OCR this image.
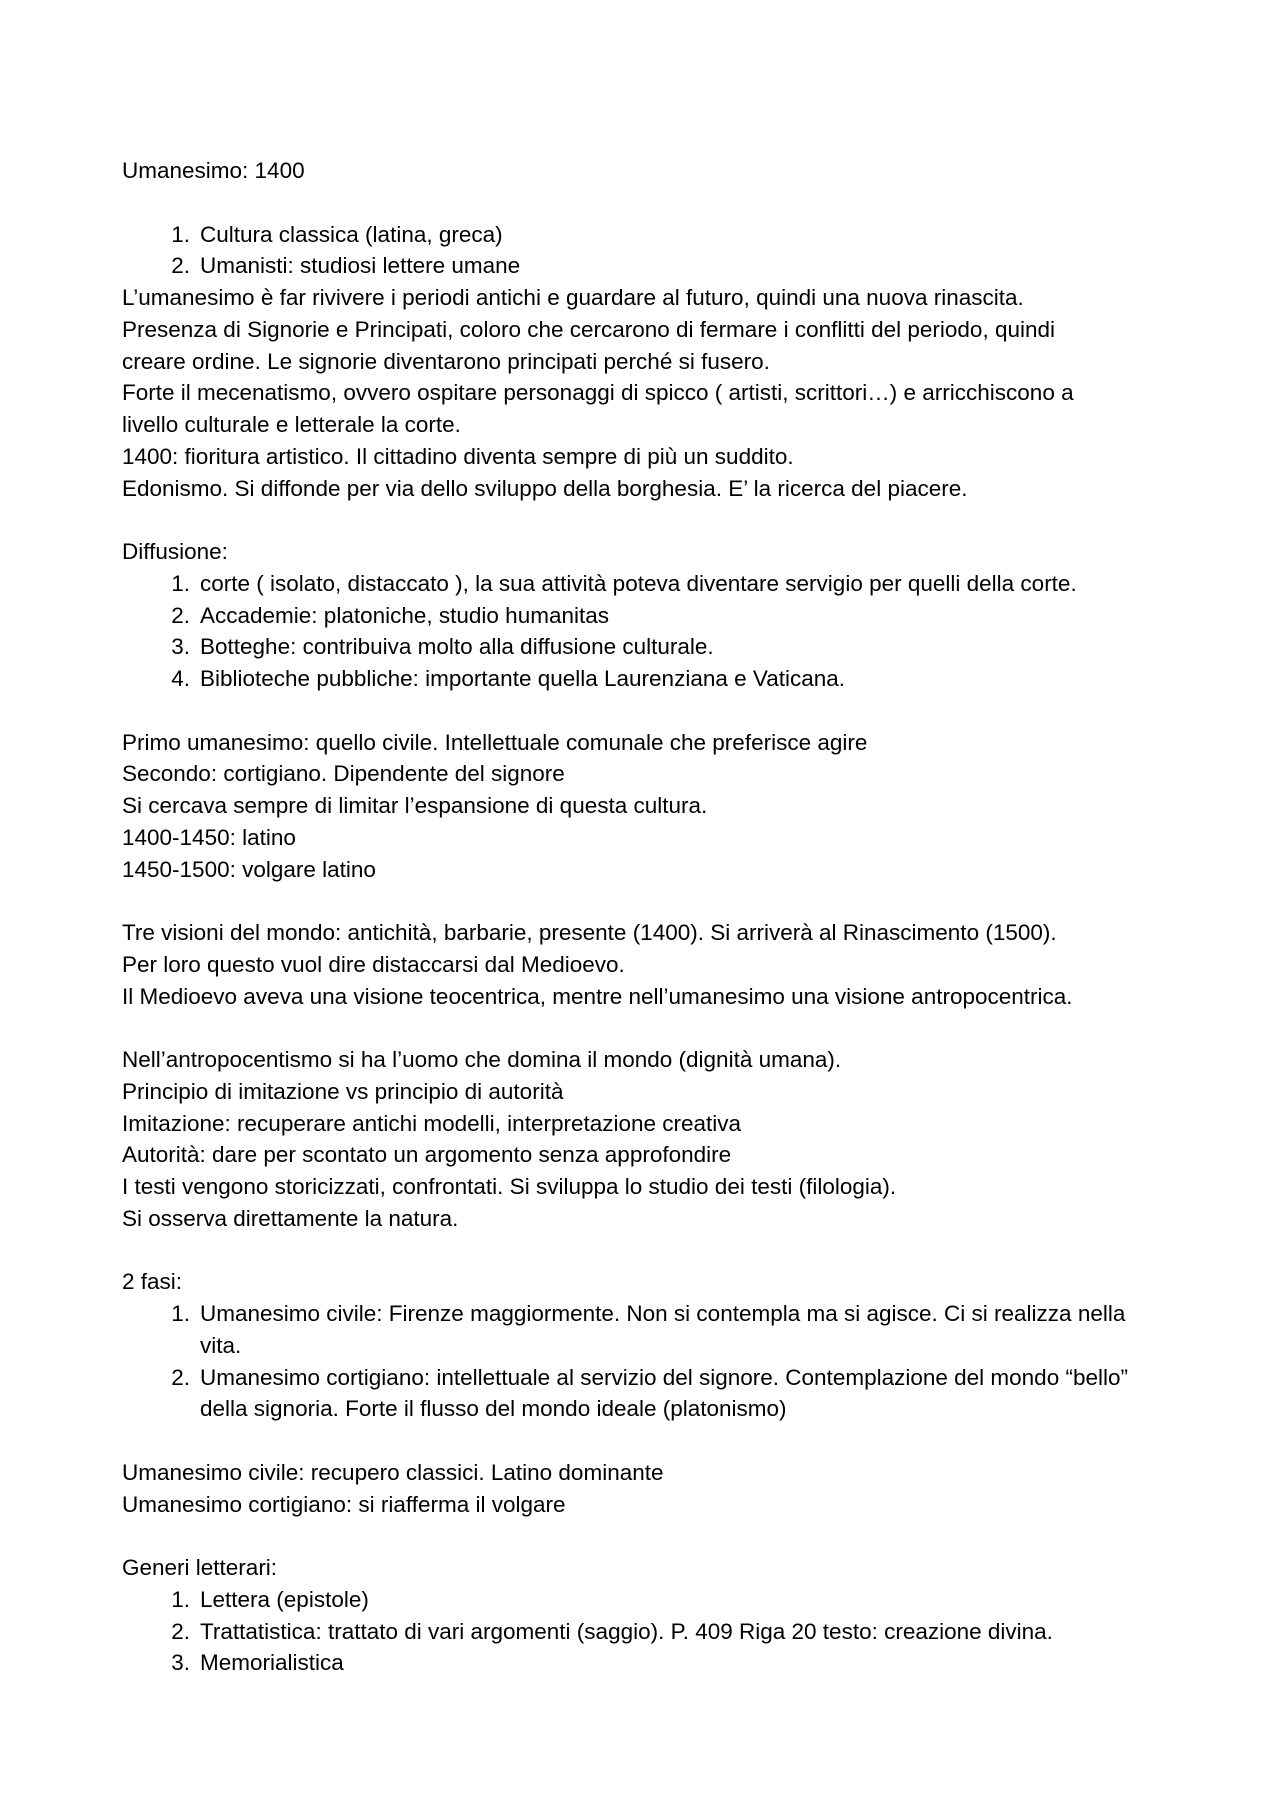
Umanesimo: 1400

1. Cultura classica (latina, greca)
2. Umanisti: studiosi lettere umane

L’umanesimo è far rivivere i periodi antichi e guardare al futuro, quindi una nuova rinascita.

Presenza di Signorie e Principati, coloro che cercarono di fermare i conflitti del periodo, quindi

creare ordine. Le signorie diventarono principati perché si fusero.

Forte il mecenatismo, ovvero ospitare personaggi di spicco ( artisti, scrittori…) e arricchiscono a

livello culturale e letterale la corte.

1400: fioritura artistico. Il cittadino diventa sempre di più un suddito.

Edonismo. Si diffonde per via dello sviluppo della borghesia. E’ la ricerca del piacere.

Diffusione:

1. corte ( isolato, distaccato ), la sua attività poteva diventare servigio per quelli della corte.
2. Accademie: platoniche, studio humanitas
3. Botteghe: contribuiva molto alla diffusione culturale.
4. Biblioteche pubbliche: importante quella Laurenziana e Vaticana.

Primo umanesimo: quello civile. Intellettuale comunale che preferisce agire

Secondo: cortigiano. Dipendente del signore

Si cercava sempre di limitar l’espansione di questa cultura.

1400-1450: latino

1450-1500: volgare latino

Tre visioni del mondo: antichità, barbarie, presente (1400). Si arriverà al Rinascimento (1500).

Per loro questo vuol dire distaccarsi dal Medioevo.

Il Medioevo aveva una visione teocentrica, mentre nell’umanesimo una visione antropocentrica.

Nell’antropocentismo si ha l’uomo che domina il mondo (dignità umana).

Principio di imitazione vs principio di autorità

Imitazione: recuperare antichi modelli, interpretazione creativa

Autorità: dare per scontato un argomento senza approfondire

I testi vengono storicizzati, confrontati. Si sviluppa lo studio dei testi (filologia).

Si osserva direttamente la natura.

2 fasi:

1. Umanesimo civile: Firenze maggiormente. Non si contempla ma si agisce. Ci si realizza nella vita.
2. Umanesimo cortigiano: intellettuale al servizio del signore. Contemplazione del mondo “bello” della signoria. Forte il flusso del mondo ideale (platonismo)

Umanesimo civile: recupero classici. Latino dominante

Umanesimo cortigiano: si riafferma il volgare

Generi letterari:

1. Lettera (epistole)
2. Trattatistica: trattato di vari argomenti (saggio). P. 409 Riga 20 testo: creazione divina.
3. Memorialistica
